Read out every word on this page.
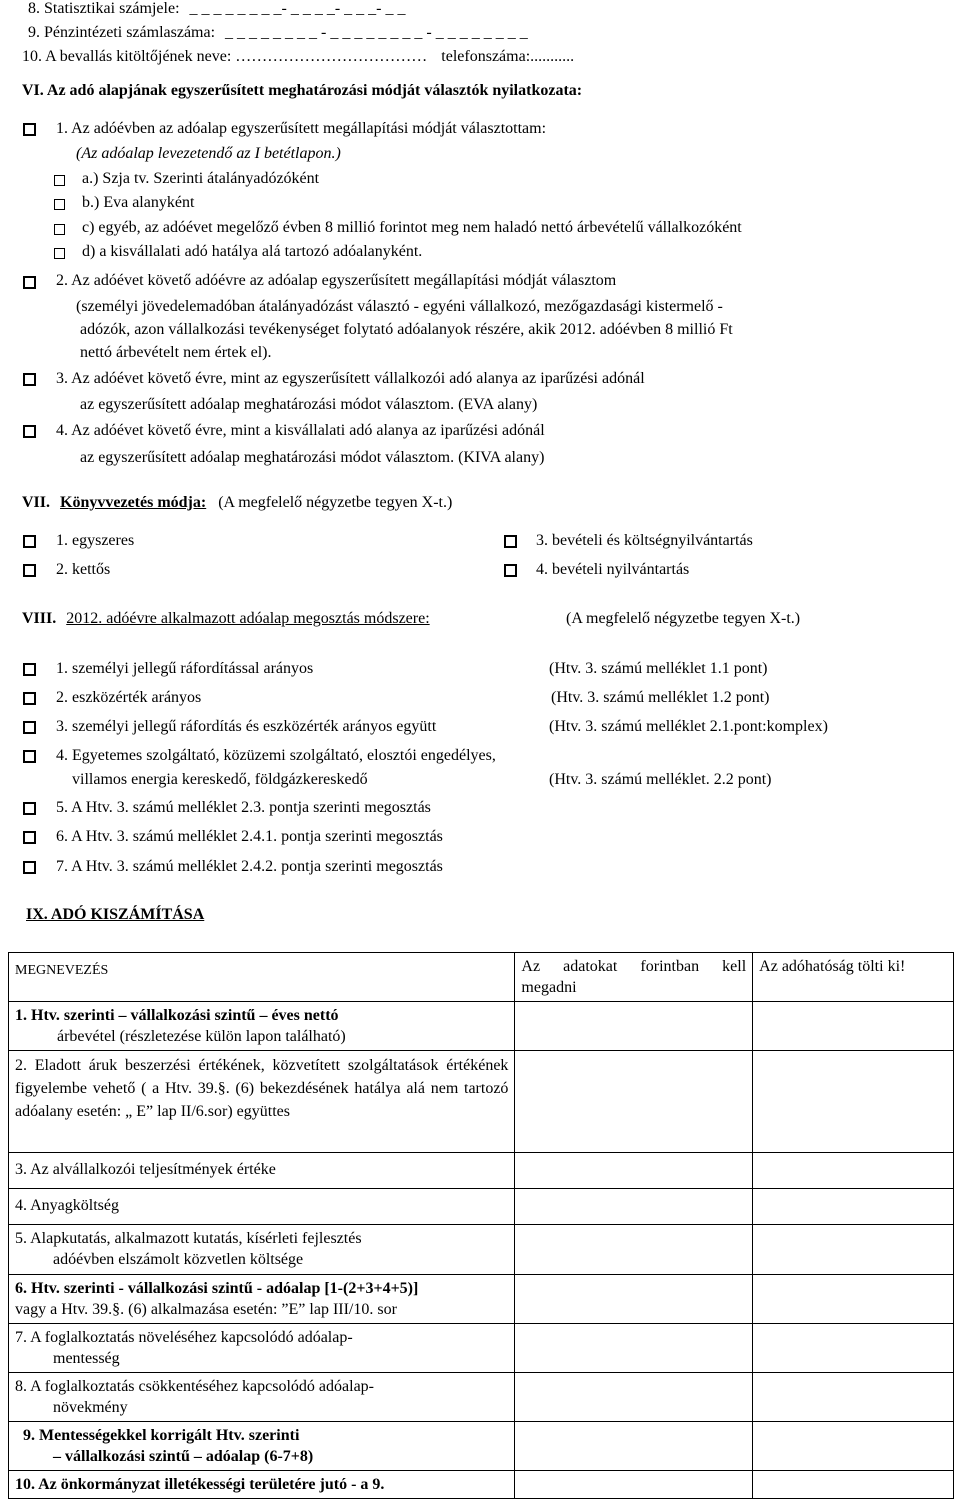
8. Statisztikai számjele: _ _ _ _ _ _ _ _- _ _ _ _- _ _ _- _ _
9. Pénzintézeti számlaszáma: _ _ _ _ _ _ _ _ - _ _ _ _ _ _ _ _ - _ _ _ _ _ _ _ _
10. A bevallás kitöltőjének neve: ……………………………… telefonszáma:...........
VI. Az adó alapjának egyszerűsített meghatározási módját választók nyilatkozata:
1. Az adóévben az adóalap egyszerűsített megállapítási módját választottam:
(Az adóalap levezetendő az I betétlapon.)
a.) Szja tv. Szerinti átalányadózóként
b.) Eva alanyként
c) egyéb, az adóévet megelőző évben 8 millió forintot meg nem haladó nettó árbevételű vállalkozóként
d) a kisvállalati adó hatálya alá tartozó adóalanyként.
2. Az adóévet követő adóévre az adóalap egyszerűsített megállapítási módját választom
(személyi jövedelemadóban átalányadózást választó - egyéni vállalkozó, mezőgazdasági kistermelő -
adózók, azon vállalkozási tevékenységet folytató adóalanyok részére, akik 2012. adóévben 8 millió Ft
nettó árbevételt nem értek el).
3. Az adóévet követő évre, mint az egyszerűsített vállalkozói adó alanya az iparűzési adónál
az egyszerűsített adóalap meghatározási módot választom. (EVA alany)
4. Az adóévet követő évre, mint a kisvállalati adó alanya az iparűzési adónál
az egyszerűsített adóalap meghatározási módot választom. (KIVA alany)
VII. Könyvvezetés módja: (A megfelelő négyzetbe tegyen X-t.)
1. egyszeres
2. kettős
3. bevételi és költségnyilvántartás
4. bevételi nyilvántartás
VIII. 2012. adóévre alkalmazott adóalap megosztás módszere:	(A megfelelő négyzetbe tegyen X-t.)
1. személyi jellegű ráfordítással arányos	(Htv. 3. számú melléklet 1.1 pont)
2. eszközérték arányos	(Htv. 3. számú melléklet 1.2 pont)
3. személyi jellegű ráfordítás és eszközérték arányos együtt	(Htv. 3. számú melléklet 2.1.pont:komplex)
4. Egyetemes szolgáltató, közüzemi szolgáltató, elosztói engedélyes,
villamos energia kereskedő, földgázkereskedő	(Htv. 3. számú melléklet. 2.2 pont)
5. A Htv. 3. számú melléklet 2.3. pontja szerinti megosztás
6. A Htv. 3. számú melléklet 2.4.1. pontja szerinti megosztás
7. A Htv. 3. számú melléklet 2.4.2. pontja szerinti megosztás
IX. ADÓ KISZÁMÍTÁSA
MEGNEVEZÉS	Az adatokat forintban kell megadni	Az adóhatóság tölti ki!

1. Htv. szerinti – vállalkozási szintű – éves nettó
árbevétel (részletezése külön lapon található)		

2. Eladott áruk beszerzési értékének, közvetített szolgáltatások értékének figyelembe vehető ( a Htv. 39.§. (6) bekezdésének hatálya alá nem tartozó adóalany esetén: „ E” lap II/6.sor) együttes		
3. Az alvállalkozói teljesítmények értéke		
4. Anyagköltség		

5. Alapkutatás, alkalmazott kutatás, kísérleti fejlesztés
adóévben elszámolt közvetlen költsége		

6. Htv. szerinti - vállalkozási szintű - adóalap [1-(2+3+4+5)]
vagy a Htv. 39.§. (6) alkalmazása esetén: ”E” lap III/10. sor		

7. A foglalkoztatás növeléséhez kapcsolódó adóalap-
mentesség		

8. A foglalkoztatás csökkentéséhez kapcsolódó adóalap-
növekmény		

9. Mentességekkel korrigált Htv. szerinti
– vállalkozási szintű – adóalap (6-7+8)		

10. Az önkormányzat illetékességi területére jutó - a 9.		
